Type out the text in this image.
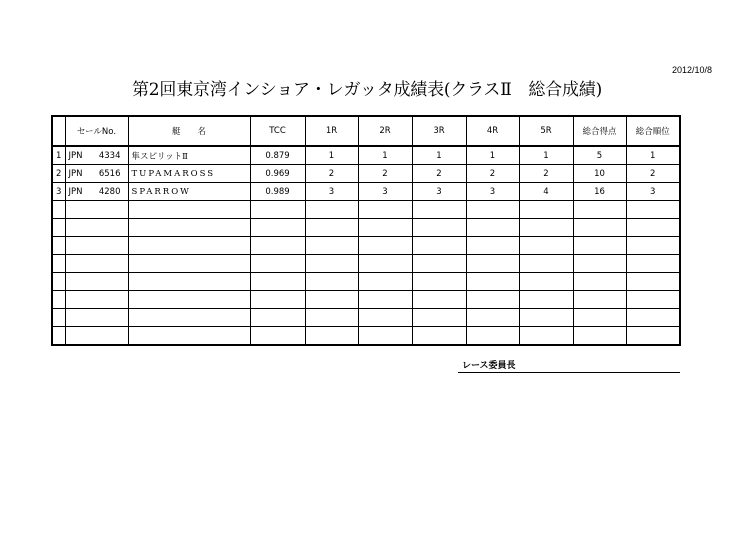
2012/10/8
第2回東京湾インショア・レガッタ成績表(クラスⅡ　総合成績)
	セールNo.	艇　　名	TCC	1R	2R	3R	4R	5R	総合得点	総合順位
1	JPN 4334	隼スピリットⅡ	0.879	1	1	1	1	1	5	1
2	JPN 6516	TUPAMAROSS	0.969	2	2	2	2	2	10	2
3	JPN 4280	SPARROW	0.989	3	3	3	3	4	16	3

レース委員長
